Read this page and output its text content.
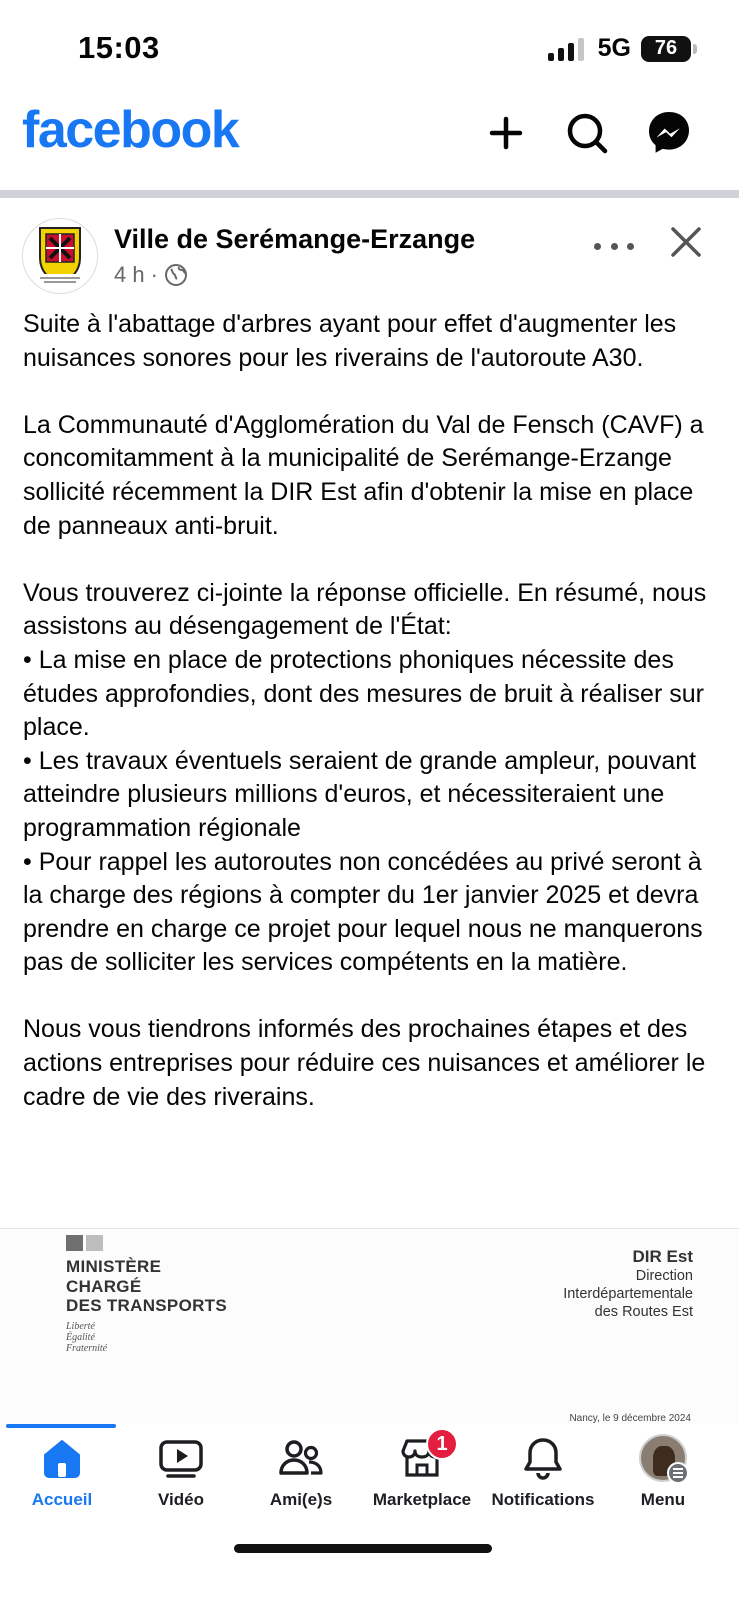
15:03	5G 76
facebook
Ville de Serémange-Erzange
4 h ·

Suite à l'abattage d'arbres ayant pour effet d'augmenter les nuisances sonores pour les riverains de l'autoroute A30.

La Communauté d'Agglomération du Val de Fensch (CAVF) a concomitamment à la municipalité de Serémange-Erzange sollicité récemment la DIR Est afin d'obtenir la mise en place de panneaux anti-bruit.

Vous trouverez ci-jointe la réponse officielle. En résumé, nous assistons au désengagement de l'État:
• La mise en place de protections phoniques nécessite des études approfondies, dont des mesures de bruit à réaliser sur place.
• Les travaux éventuels seraient de grande ampleur, pouvant atteindre plusieurs millions d'euros, et nécessiteraient une programmation régionale
• Pour rappel les autoroutes non concédées au privé seront à la charge des régions à compter du 1er janvier 2025 et devra prendre en charge ce projet pour lequel nous ne manquerons pas de solliciter les services compétents en la matière.

Nous vous tiendrons informés des prochaines étapes et des actions entreprises pour réduire ces nuisances et améliorer le cadre de vie des riverains.

MINISTÈRE
CHARGÉ
DES TRANSPORTS
Liberté
Égalité
Fraternité
DIR Est
Direction
Interdépartementale
des Routes Est
Nancy, le 9 décembre 2024
Accueil	Vidéo	Ami(e)s
1
Marketplace Notifications	Menu
